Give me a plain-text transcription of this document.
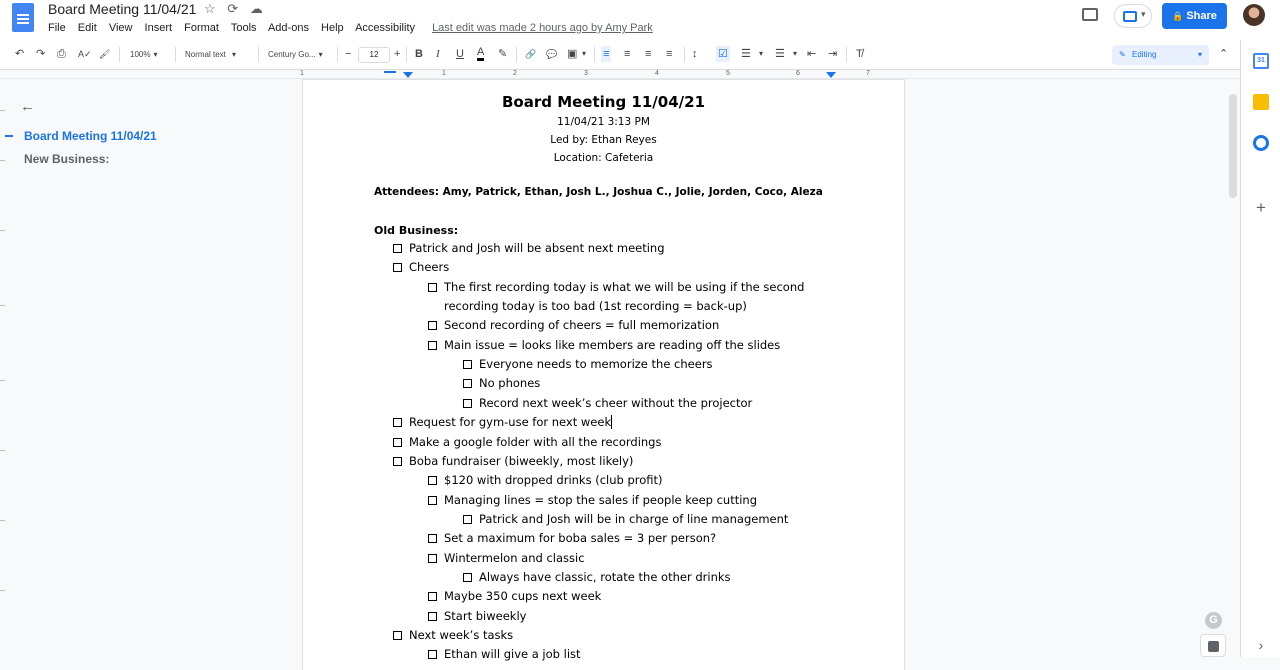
Board Meeting 11/04/21 ☆ ⟳ ☁
File Edit View Insert Format Tools Add-ons Help Accessibility Last edit was made 2 hours ago by Amy Park
▾	🔒 Share
↶ ↷ ⎙ A✓ 🖌 100% ▾	Normal text ▾	Century Go... ▾ −	12	+ B I U A ✎ 🔗 💬 ▣ ▾ ≡ ≡ ≡ ≡ ↕ ☑ ☰ ▾ ☰ ▾ ⇤ ⇥ T̸	✎ Editing	▾ ⌃
1	1	2	3	4	5	6	7
←
Board Meeting 11/04/21
New Business:
Board Meeting 11/04/21
11/04/21 3:13 PM
Led by: Ethan Reyes
Location: Cafeteria
Attendees: Amy, Patrick, Ethan, Josh L., Joshua C., Jolie, Jorden, Coco, Aleza
Old Business:
Patrick and Josh will be absent next meeting
Cheers
The first recording today is what we will be using if the second
recording today is too bad (1st recording = back-up)
Second recording of cheers = full memorization
Main issue = looks like members are reading off the slides
Everyone needs to memorize the cheers
No phones
Record next week’s cheer without the projector
Request for gym-use for next week
Make a google folder with all the recordings
Boba fundraiser (biweekly, most likely)
$120 with dropped drinks (club profit)
Managing lines = stop the sales if people keep cutting
Patrick and Josh will be in charge of line management
Set a maximum for boba sales = 3 per person?
Wintermelon and classic
Always have classic, rotate the other drinks
Maybe 350 cups next week
Start biweekly
Next week’s tasks
Ethan will give a job list
31
+
›
G
